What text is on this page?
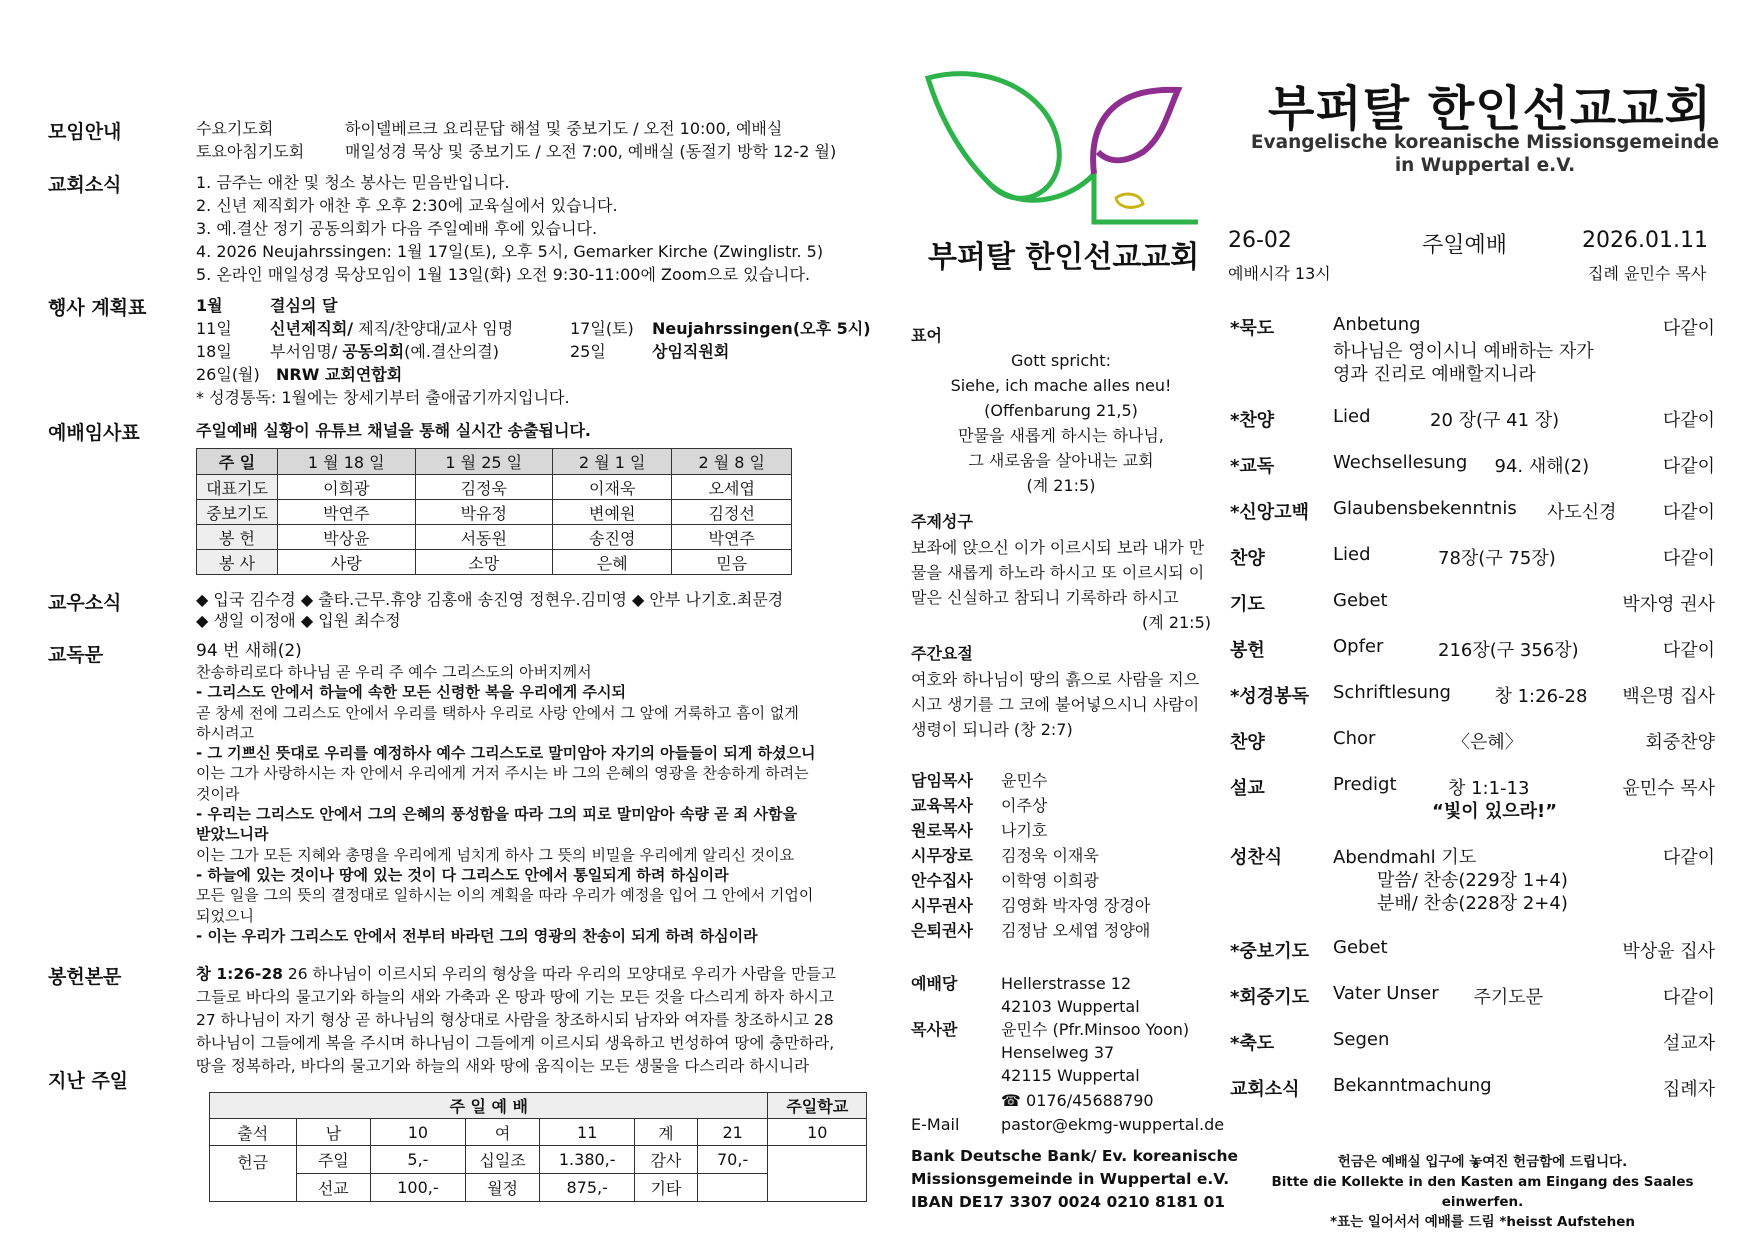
모임안내	수요기도회	하이델베르크 요리문답 해설 및 중보기도 / 오전 10:00, 예배실
토요아침기도회	매일성경 묵상 및 중보기도 / 오전 7:00, 예배실 (동절기 방학 12-2 월)
교회소식	1. 금주는 애찬 및 청소 봉사는 믿음반입니다.
2. 신년 제직회가 애찬 후 오후 2:30에 교육실에서 있습니다.
3. 예.결산 정기 공동의회가 다음 주일예배 후에 있습니다.
4. 2026 Neujahrssingen: 1월 17일(토), 오후 5시, Gemarker Kirche (Zwinglistr. 5)
5. 온라인 매일성경 묵상모임이 1월 13일(화) 오전 9:30-11:00에 Zoom으로 있습니다.
행사 계획표	1월	결심의 달
11일 신년제직회/ 제직/찬양대/교사 임명	17일(토) Neujahrssingen(오후 5시)
18일 부서임명/ 공동의회(예.결산의결)	25일	상임직원회
26일(월) NRW 교회연합회
* 성경통독: 1월에는 창세기부터 출애굽기까지입니다.
예배임사표	주일예배 실황이 유튜브 채널을 통해 실시간 송출됩니다.
주 일	1 월 18 일	1 월 25 일	2 월 1 일	2 월 8 일
대표기도	이희광	김정욱	이재욱	오세엽
중보기도	박연주	박유정	변예원	김정선
봉 헌	박상윤	서동원	송진영	박연주
봉 사	사랑	소망	은혜	믿음
교우소식	◆ 입국 김수경 ◆ 출타.근무.휴양 김홍애 송진영 정현우.김미영 ◆ 안부 나기호.최문경
◆ 생일 이정애 ◆ 입원 최수정
교독문	94 번 새해(2)
찬송하리로다 하나님 곧 우리 주 예수 그리스도의 아버지께서
- 그리스도 안에서 하늘에 속한 모든 신령한 복을 우리에게 주시되
곧 창세 전에 그리스도 안에서 우리를 택하사 우리로 사랑 안에서 그 앞에 거룩하고 흠이 없게
하시려고
- 그 기쁘신 뜻대로 우리를 예정하사 예수 그리스도로 말미암아 자기의 아들들이 되게 하셨으니
이는 그가 사랑하시는 자 안에서 우리에게 거저 주시는 바 그의 은혜의 영광을 찬송하게 하려는
것이라
- 우리는 그리스도 안에서 그의 은혜의 풍성함을 따라 그의 피로 말미암아 속량 곧 죄 사함을
받았느니라
이는 그가 모든 지혜와 총명을 우리에게 넘치게 하사 그 뜻의 비밀을 우리에게 알리신 것이요
- 하늘에 있는 것이나 땅에 있는 것이 다 그리스도 안에서 통일되게 하려 하심이라
모든 일을 그의 뜻의 결정대로 일하시는 이의 계획을 따라 우리가 예정을 입어 그 안에서 기업이
되었으니
- 이는 우리가 그리스도 안에서 전부터 바라던 그의 영광의 찬송이 되게 하려 하심이라
봉헌본문	창 1:26-28 26 하나님이 이르시되 우리의 형상을 따라 우리의 모양대로 우리가 사람을 만들고
그들로 바다의 물고기와 하늘의 새와 가축과 온 땅과 땅에 기는 모든 것을 다스리게 하자 하시고
27 하나님이 자기 형상 곧 하나님의 형상대로 사람을 창조하시되 남자와 여자를 창조하시고 28
하나님이 그들에게 복을 주시며 하나님이 그들에게 이르시되 생육하고 번성하여 땅에 충만하라,
땅을 정복하라, 바다의 물고기와 하늘의 새와 땅에 움직이는 모든 생물을 다스리라 하시니라
지난 주일
주 일 예 배							주일학교
출석	남	10	여	11	계	21	10
헌금	주일	5,-	십일조	1.380,-	감사	70,-	
	선교	100,-	월정	875,-	기타		
부퍼탈 한인선교교회
부퍼탈 한인선교교회
Evangelische koreanische Missionsgemeinde
in Wuppertal e.V.
26-02	주일예배	2026.01.11
예배시각 13시	집례 윤민수 목사
표어
Gott spricht:
Siehe, ich mache alles neu!
(Offenbarung 21,5)
만물을 새롭게 하시는 하나님,
그 새로움을 살아내는 교회
(계 21:5)
주제성구
보좌에 앉으신 이가 이르시되 보라 내가 만
물을 새롭게 하노라 하시고 또 이르시되 이
말은 신실하고 참되니 기록하라 하시고
(계 21:5)
주간요절
여호와 하나님이 땅의 흙으로 사람을 지으
시고 생기를 그 코에 불어넣으시니 사람이
생령이 되니라 (창 2:7)
담임목사	윤민수
교육목사	이주상
원로목사	나기호
시무장로	김정욱 이재욱
안수집사	이학영 이희광
시무권사	김영화 박자영 장경아
은퇴권사	김정남 오세엽 정양애
예배당	Hellerstrasse 12
42103 Wuppertal
목사관	윤민수 (Pfr.Minsoo Yoon)
Henselweg 37
42115 Wuppertal
☎ 0176/45688790
E-Mail	pastor@ekmg-wuppertal.de
Bank Deutsche Bank/ Ev. koreanische
Missionsgemeinde in Wuppertal e.V.
IBAN DE17 3307 0024 0210 8181 01
*묵도	Anbetung	다같이
하나님은 영이시니 예배하는 자가
영과 진리로 예배할지니라
*찬양	Lied	20 장(구 41 장)	다같이
*교독	Wechsellesung 94. 새해(2)	다같이
*신앙고백 Glaubensbekenntnis 사도신경	다같이
찬양	Lied	78장(구 75장)	다같이
기도	Gebet	박자영 권사
봉헌	Opfer	216장(구 356장)	다같이
*성경봉독 Schriftlesung 창 1:26-28 백은명 집사
찬양	Chor	〈은혜〉	회중찬양
설교	Predigt	창 1:1-13	윤민수 목사
“빛이 있으라!”
성찬식	Abendmahl 기도	다같이
말씀/ 찬송(229장 1+4)
분배/ 찬송(228장 2+4)
*중보기도 Gebet	박상윤 집사
*회중기도 Vater Unser 주기도문	다같이
*축도	Segen	설교자
교회소식 Bekanntmachung	집례자
헌금은 예배실 입구에 놓여진 헌금함에 드립니다.
Bitte die Kollekte in den Kasten am Eingang des Saales einwerfen.
*표는 일어서서 예배를 드림 *heisst Aufstehen
